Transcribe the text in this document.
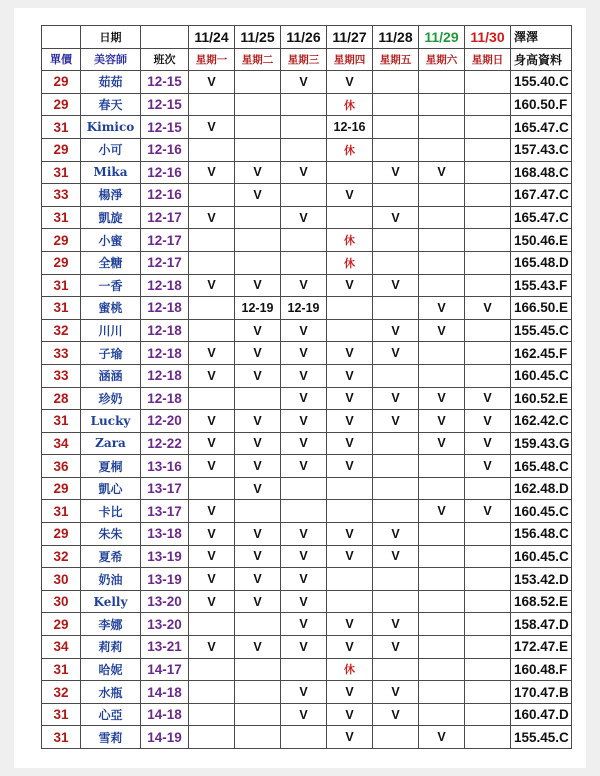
	日期		11/24	11/25	11/26	11/27	11/28	11/29	11/30	澤澤
單價	美容師	班次	星期一	星期二	星期三	星期四	星期五	星期六	星期日	身高資料
29	茹茹	12-15	V		V	V				155.40.C
29	春天	12-15				休				160.50.F
31	Kimico	12-15	V			12-16				165.47.C
29	小可	12-16				休				157.43.C
31	Mika	12-16	V	V	V		V	V		168.48.C
33	楊淨	12-16		V		V				167.47.C
31	凱旋	12-17	V		V		V			165.47.C
29	小蜜	12-17				休				150.46.E
29	全糖	12-17				休				165.48.D
31	一香	12-18	V	V	V	V	V			155.43.F
31	蜜桃	12-18		12-19	12-19			V	V	166.50.E
32	川川	12-18		V	V		V	V		155.45.C
33	子瑜	12-18	V	V	V	V	V			162.45.F
33	涵涵	12-18	V	V	V	V				160.45.C
28	珍奶	12-18			V	V	V	V	V	160.52.E
31	Lucky	12-20	V	V	V	V	V	V	V	162.42.C
34	Zara	12-22	V	V	V	V		V	V	159.43.G
36	夏桐	13-16	V	V	V	V			V	165.48.C
29	凱心	13-17		V						162.48.D
31	卡比	13-17	V					V	V	160.45.C
29	朱朱	13-18	V	V	V	V	V			156.48.C
32	夏希	13-19	V	V	V	V	V			160.45.C
30	奶油	13-19	V	V	V					153.42.D
30	Kelly	13-20	V	V	V					168.52.E
29	李娜	13-20			V	V	V			158.47.D
34	莉莉	13-21	V	V	V	V	V			172.47.E
31	哈妮	14-17				休				160.48.F
32	水瓶	14-18			V	V	V			170.47.B
31	心亞	14-18			V	V	V			160.47.D
31	雪莉	14-19				V		V		155.45.C
